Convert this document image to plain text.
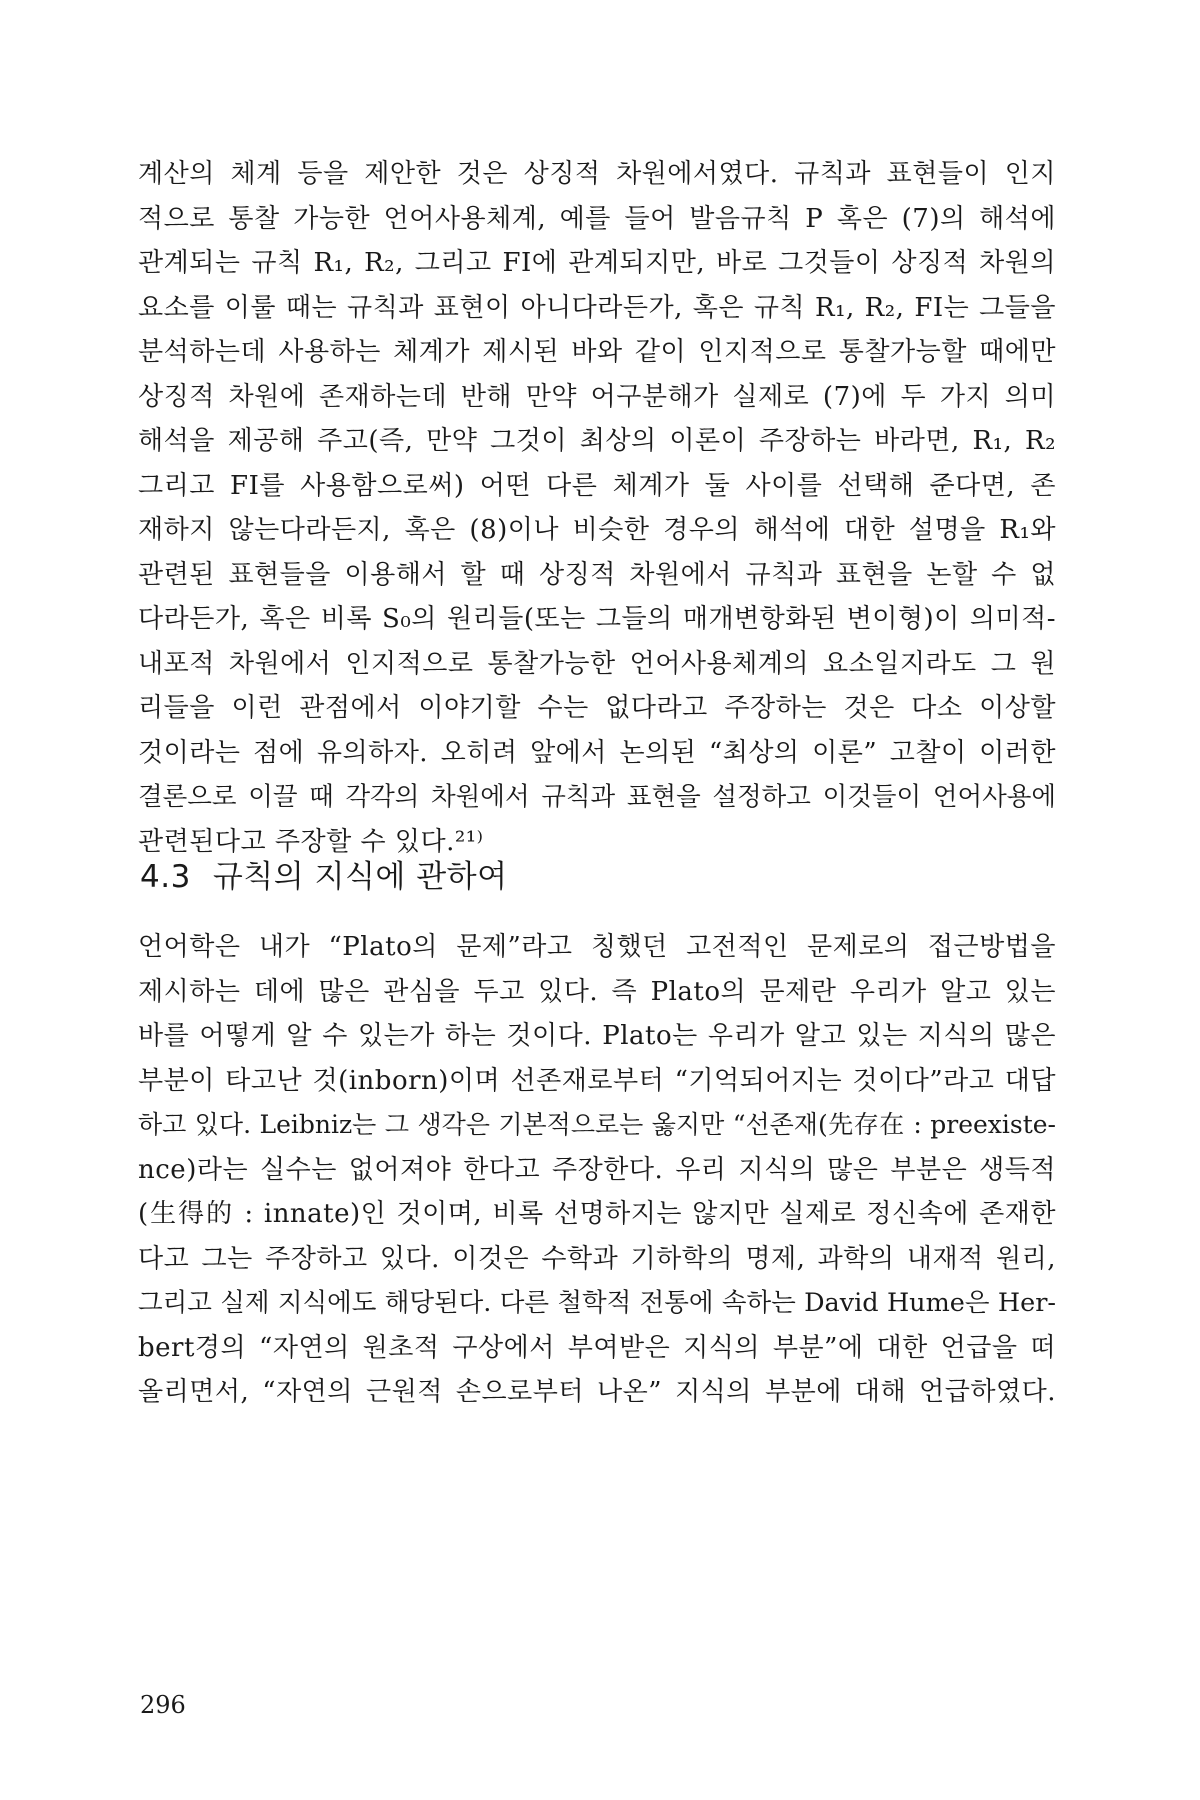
계산의 체계 등을 제안한 것은 상징적 차원에서였다. 규칙과 표현들이 인지
적으로 통찰 가능한 언어사용체계, 예를 들어 발음규칙 P 혹은 (7)의 해석에
관계되는 규칙 R₁, R₂, 그리고 FI에 관계되지만, 바로 그것들이 상징적 차원의
요소를 이룰 때는 규칙과 표현이 아니다라든가, 혹은 규칙 R₁, R₂, FI는 그들을
분석하는데 사용하는 체계가 제시된 바와 같이 인지적으로 통찰가능할 때에만
상징적 차원에 존재하는데 반해 만약 어구분해가 실제로 (7)에 두 가지 의미
해석을 제공해 주고(즉, 만약 그것이 최상의 이론이 주장하는 바라면, R₁, R₂
그리고 FI를 사용함으로써) 어떤 다른 체계가 둘 사이를 선택해 준다면, 존
재하지 않는다라든지, 혹은 (8)이나 비슷한 경우의 해석에 대한 설명을 R₁와
관련된 표현들을 이용해서 할 때 상징적 차원에서 규칙과 표현을 논할 수 없
다라든가, 혹은 비록 S₀의 원리들(또는 그들의 매개변항화된 변이형)이 의미적-
내포적 차원에서 인지적으로 통찰가능한 언어사용체계의 요소일지라도 그 원
리들을 이런 관점에서 이야기할 수는 없다라고 주장하는 것은 다소 이상할
것이라는 점에 유의하자. 오히려 앞에서 논의된 “최상의 이론” 고찰이 이러한
결론으로 이끌 때 각각의 차원에서 규칙과 표현을 설정하고 이것들이 언어사용에
관련된다고 주장할 수 있다.²¹⁾
4.3 규칙의 지식에 관하여
언어학은 내가 “Plato의 문제”라고 칭했던 고전적인 문제로의 접근방법을
제시하는 데에 많은 관심을 두고 있다. 즉 Plato의 문제란 우리가 알고 있는
바를 어떻게 알 수 있는가 하는 것이다. Plato는 우리가 알고 있는 지식의 많은
부분이 타고난 것(inborn)이며 선존재로부터 “기억되어지는 것이다”라고 대답
하고 있다. Leibniz는 그 생각은 기본적으로는 옳지만 “선존재(先存在 : preexiste-
nce)라는 실수는 없어져야 한다고 주장한다. 우리 지식의 많은 부분은 생득적
(生得的 : innate)인 것이며, 비록 선명하지는 않지만 실제로 정신속에 존재한
다고 그는 주장하고 있다. 이것은 수학과 기하학의 명제, 과학의 내재적 원리,
그리고 실제 지식에도 해당된다. 다른 철학적 전통에 속하는 David Hume은 Her-
bert경의 “자연의 원초적 구상에서 부여받은 지식의 부분”에 대한 언급을 떠
올리면서, “자연의 근원적 손으로부터 나온” 지식의 부분에 대해 언급하였다.
296
